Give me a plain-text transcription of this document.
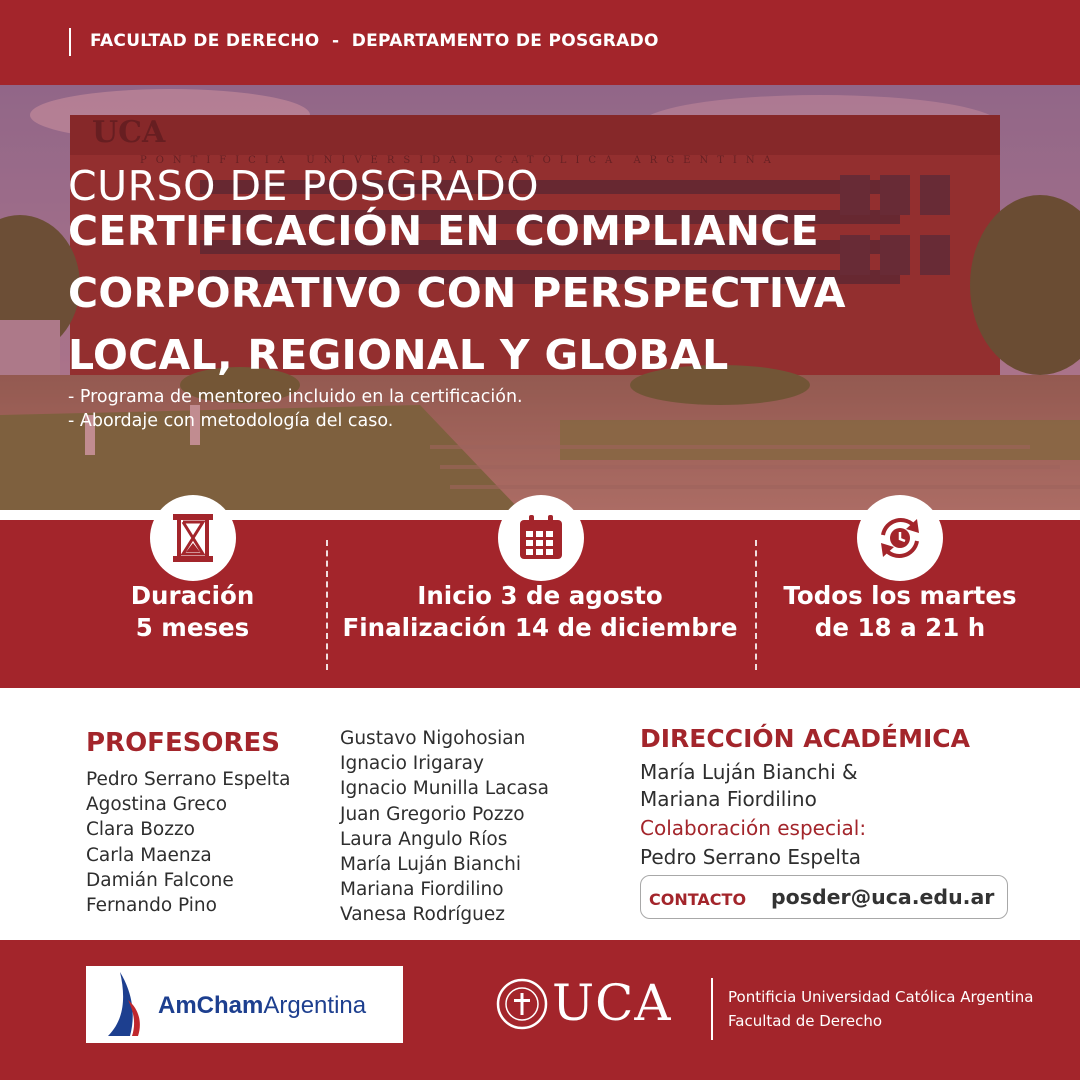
FACULTAD DE DERECHO  -  DEPARTAMENTO DE POSGRADO
UCA
PONTIFICIA UNIVERSIDAD CATÓLICA ARGENTINA
CURSO DE POSGRADO
CERTIFICACIÓN EN COMPLIANCE
CORPORATIVO CON PERSPECTIVA
LOCAL, REGIONAL Y GLOBAL
- Programa de mentoreo incluido en la certificación.
- Abordaje con metodología del caso.
Duración
5 meses
Inicio 3 de agosto
Finalización 14 de diciembre
Todos los martes
de 18 a 21 h
PROFESORES
Pedro Serrano Espelta
Agostina Greco
Clara Bozzo
Carla Maenza
Damián Falcone
Fernando Pino
Gustavo Nigohosian
Ignacio Irigaray
Ignacio Munilla Lacasa
Juan Gregorio Pozzo
Laura Angulo Ríos
María Luján Bianchi
Mariana Fiordilino
Vanesa Rodríguez
DIRECCIÓN ACADÉMICA
María Luján Bianchi &
Mariana Fiordilino
Colaboración especial:
Pedro Serrano Espelta
CONTACTO posder@uca.edu.ar
AmChamArgentina	UCA	Pontificia Universidad Católica Argentina
Facultad de Derecho
